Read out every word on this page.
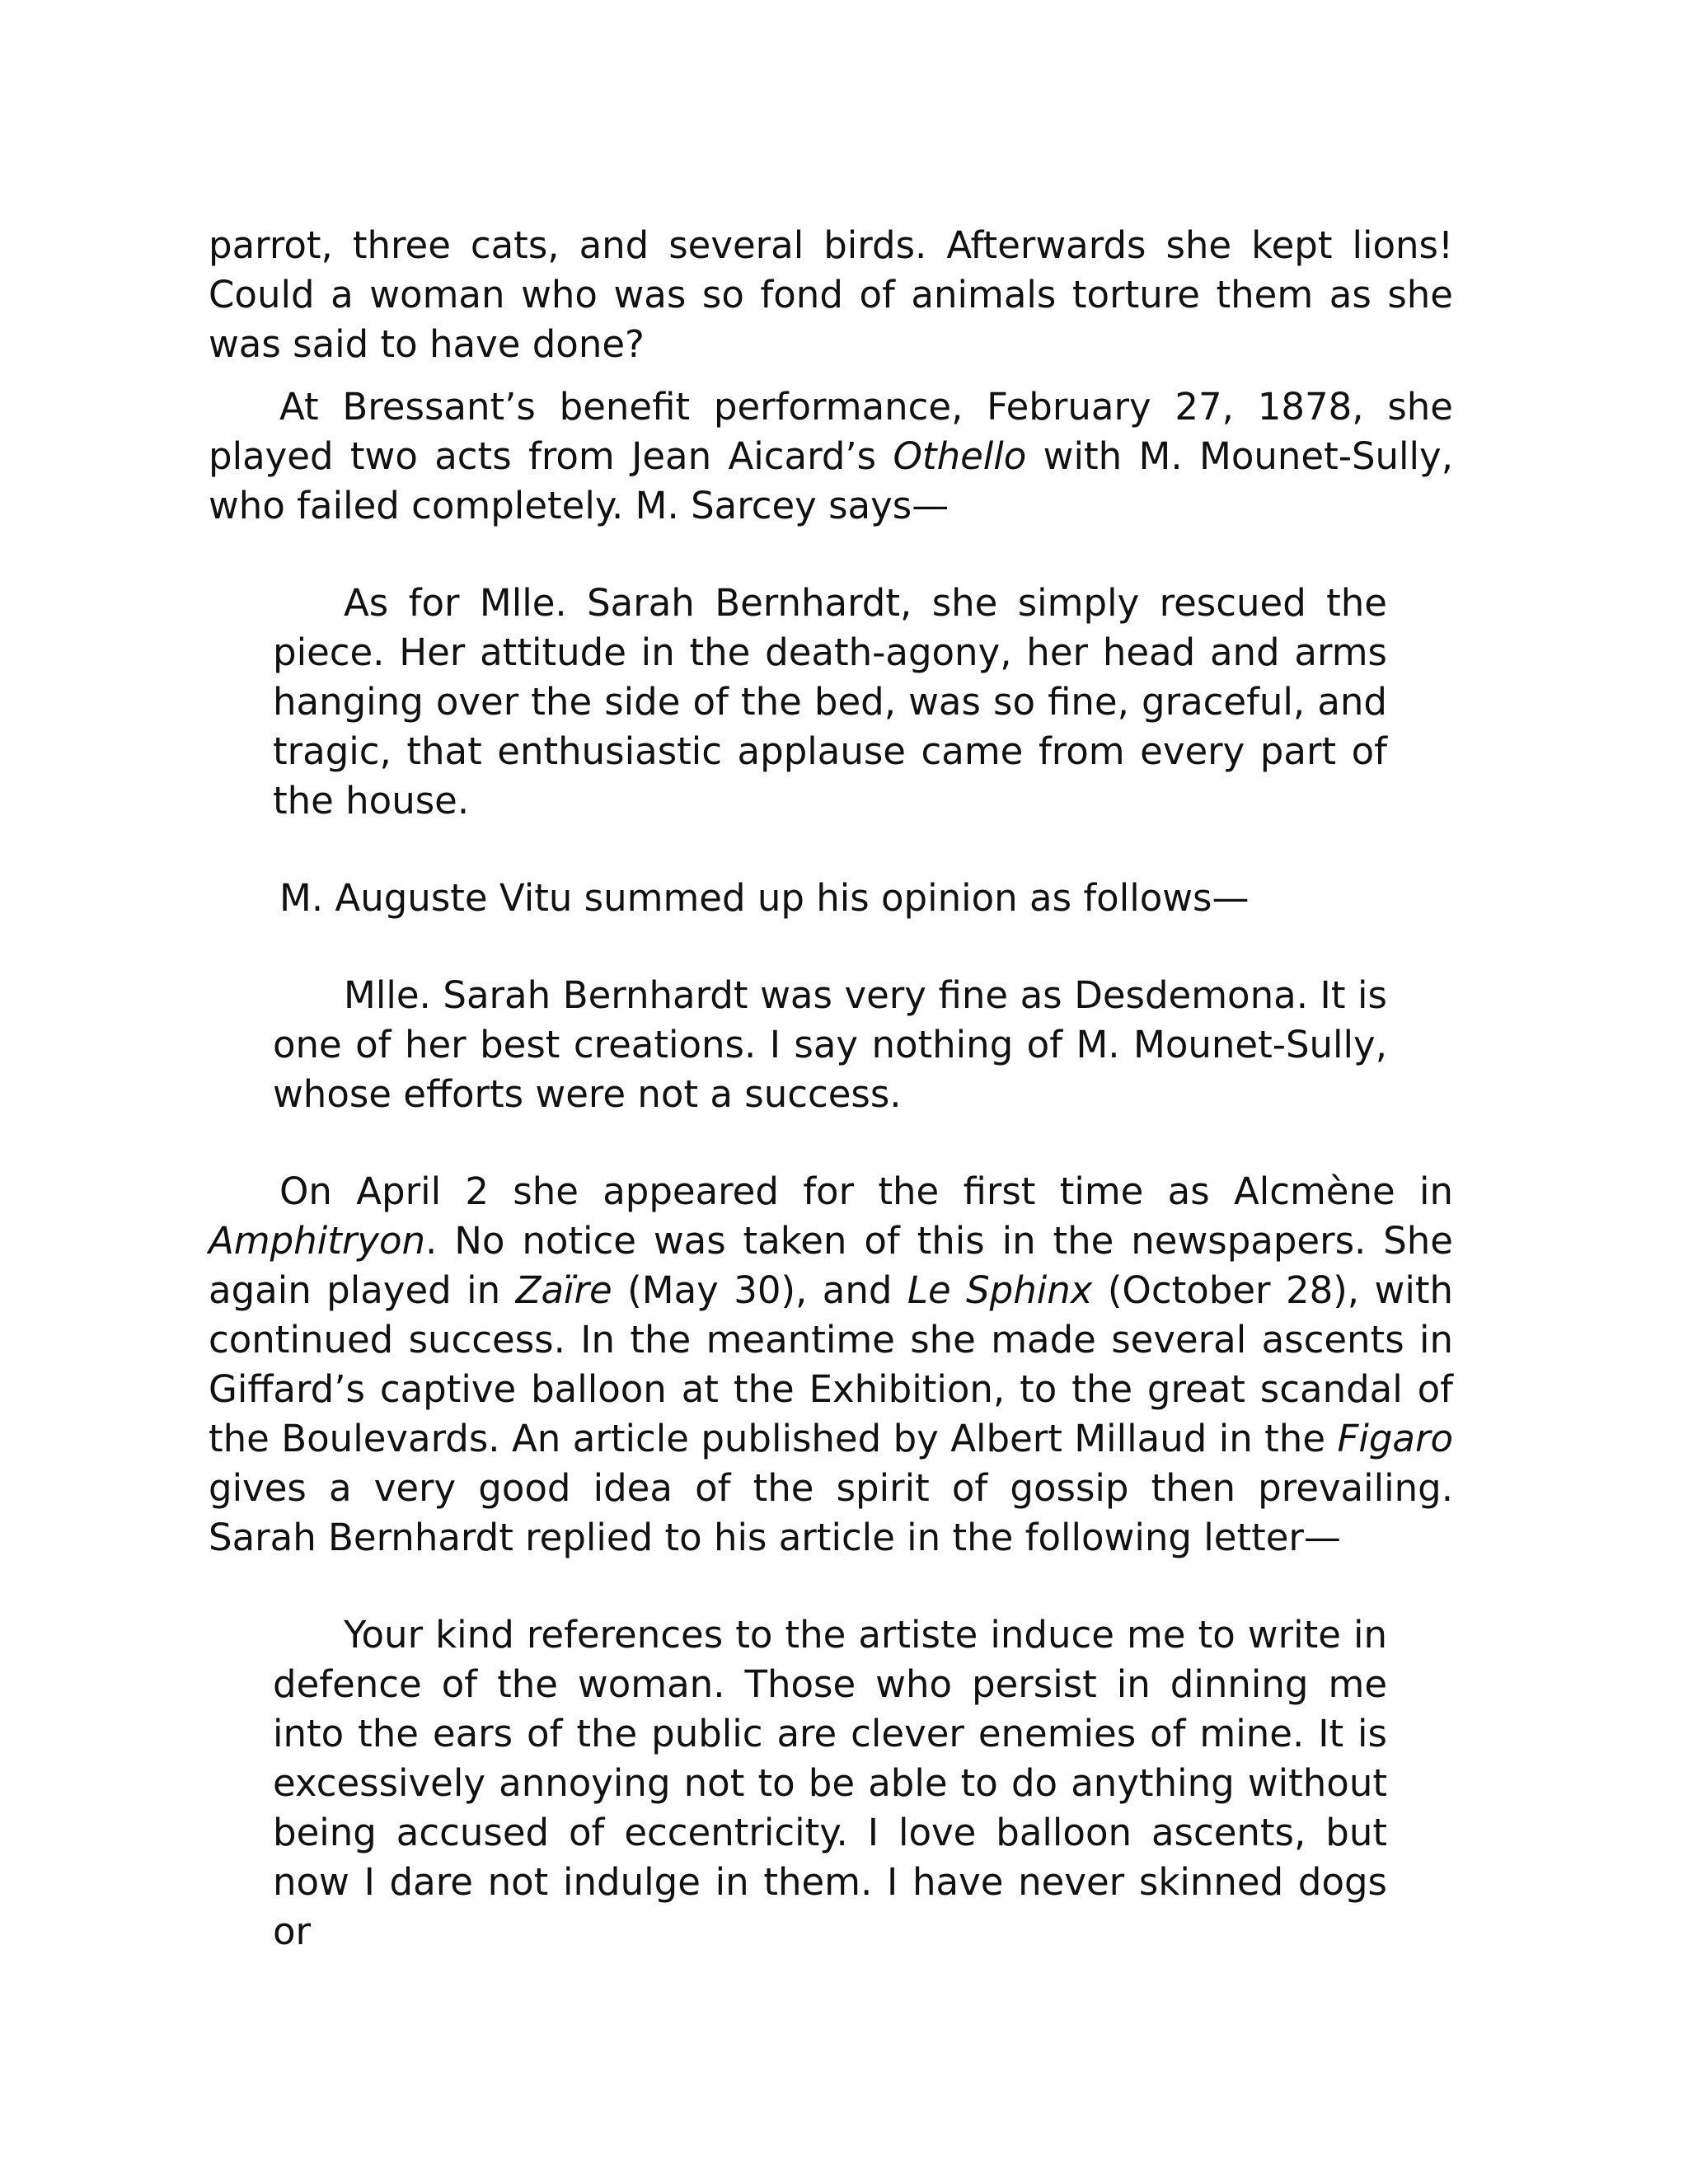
parrot, three cats, and several birds. Afterwards she kept lions! Could a woman who was so fond of animals torture them as she was said to have done?

At Bressant’s benefit performance, February 27, 1878, she played two acts from Jean Aicard’s Othello with M. Mounet-Sully, who failed completely. M. Sarcey says—

As for Mlle. Sarah Bernhardt, she simply rescued the piece. Her attitude in the death-agony, her head and arms hanging over the side of the bed, was so fine, graceful, and tragic, that enthusiastic applause came from every part of the house.

M. Auguste Vitu summed up his opinion as follows—

Mlle. Sarah Bernhardt was very fine as Desdemona. It is one of her best creations. I say nothing of M. Mounet-Sully, whose efforts were not a success.

On April 2 she appeared for the first time as Alcmène in Amphitryon. No notice was taken of this in the newspapers. She again played in Zaïre (May 30), and Le Sphinx (October 28), with continued success. In the meantime she made several ascents in Giffard’s captive balloon at the Exhibition, to the great scandal of the Boulevards. An article published by Albert Millaud in the Figaro gives a very good idea of the spirit of gossip then prevailing. Sarah Bernhardt replied to his article in the following letter—

Your kind references to the artiste induce me to write in defence of the woman. Those who persist in dinning me into the ears of the public are clever enemies of mine. It is excessively annoying not to be able to do anything without being accused of eccentricity. I love balloon ascents, but now I dare not indulge in them. I have never skinned dogs or
